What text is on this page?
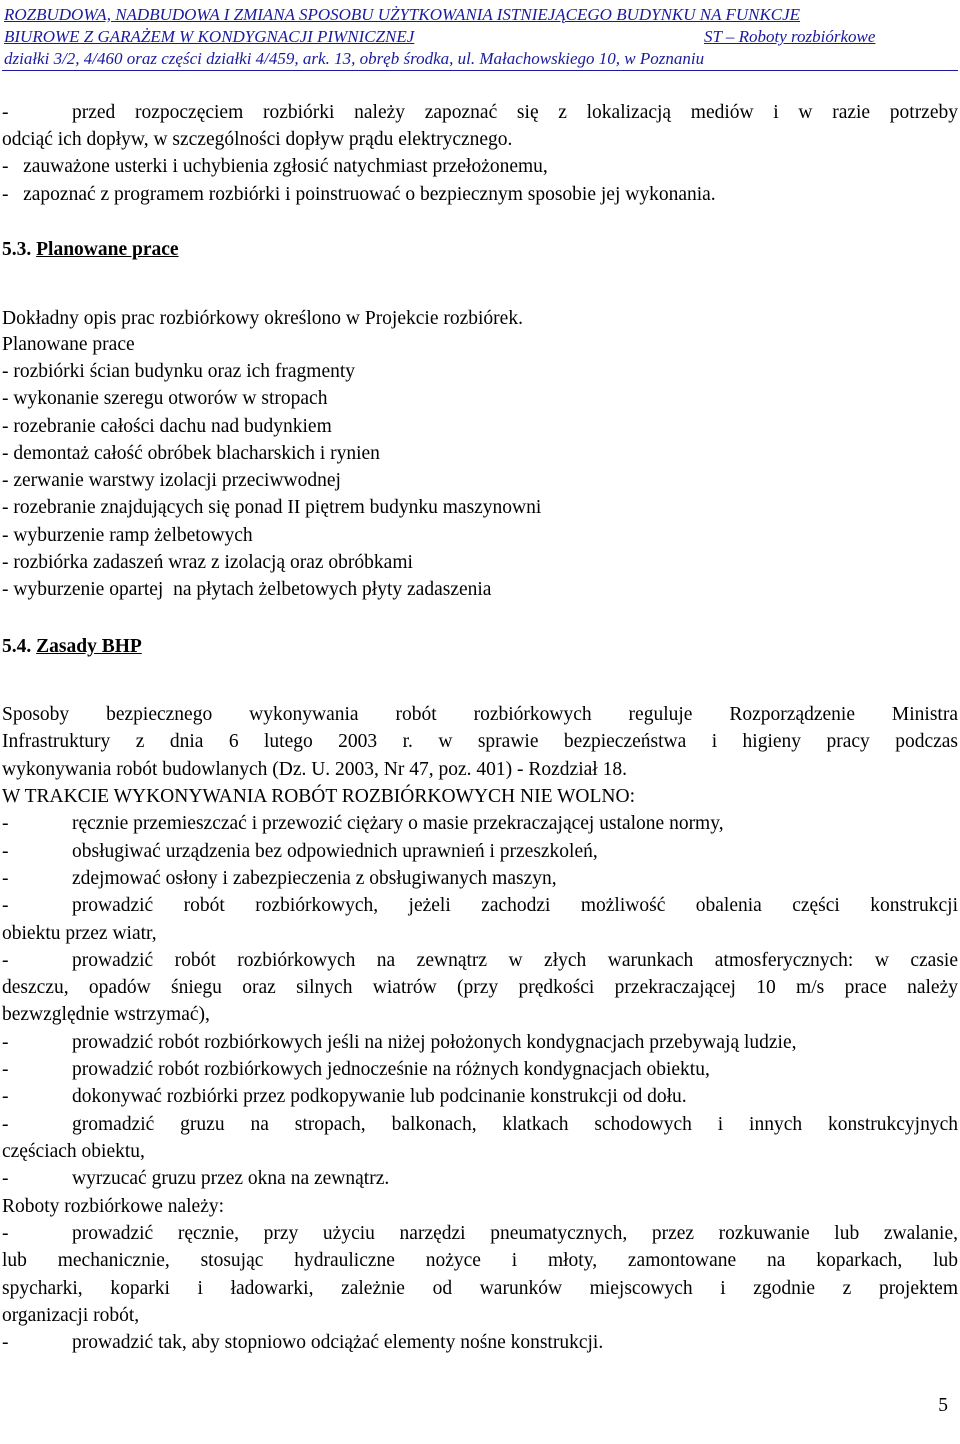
ROZBUDOWA, NADBUDOWA I ZMIANA SPOSOBU UŻYTKOWANIA ISTNIEJĄCEGO BUDYNKU NA FUNKCJE
BIUROWE Z GARAŻEM W KONDYGNACJI PIWNICZNEJ	ST – Roboty rozbiórkowe
działki 3/2, 4/460 oraz części działki 4/459, ark. 13, obręb środka, ul. Małachowskiego 10, w Poznaniu
-	przed rozpoczęciem rozbiórki należy zapoznać się z lokalizacją mediów i w razie potrzeby
odciąć ich dopływ, w szczególności dopływ prądu elektrycznego.
-   zauważone usterki i uchybienia zgłosić natychmiast przełożonemu,
-   zapoznać z programem rozbiórki i poinstruować o bezpiecznym sposobie jej wykonania.
5.3. Planowane prace
Dokładny opis prac rozbiórkowy określono w Projekcie rozbiórek.
Planowane prace
- rozbiórki ścian budynku oraz ich fragmenty
- wykonanie szeregu otworów w stropach
- rozebranie całości dachu nad budynkiem
- demontaż całość obróbek blacharskich i rynien
- zerwanie warstwy izolacji przeciwwodnej
- rozebranie znajdujących się ponad II piętrem budynku maszynowni
- wyburzenie ramp żelbetowych
- rozbiórka zadaszeń wraz z izolacją oraz obróbkami
- wyburzenie opartej  na płytach żelbetowych płyty zadaszenia
5.4. Zasady BHP
Sposoby bezpiecznego wykonywania robót rozbiórkowych reguluje Rozporządzenie Ministra
Infrastruktury z dnia 6 lutego 2003 r. w sprawie bezpieczeństwa i higieny pracy podczas
wykonywania robót budowlanych (Dz. U. 2003, Nr 47, poz. 401) - Rozdział 18.
W TRAKCIE WYKONYWANIA ROBÓT ROZBIÓRKOWYCH NIE WOLNO:
-	ręcznie przemieszczać i przewozić ciężary o masie przekraczającej ustalone normy,
-	obsługiwać urządzenia bez odpowiednich uprawnień i przeszkoleń,
-	zdejmować osłony i zabezpieczenia z obsługiwanych maszyn,
-	prowadzić robót rozbiórkowych, jeżeli zachodzi możliwość obalenia części konstrukcji
obiektu przez wiatr,
-	prowadzić robót rozbiórkowych na zewnątrz w złych warunkach atmosferycznych: w czasie
deszczu, opadów śniegu oraz silnych wiatrów (przy prędkości przekraczającej 10 m/s prace należy
bezwzględnie wstrzymać),
-	prowadzić robót rozbiórkowych jeśli na niżej położonych kondygnacjach przebywają ludzie,
-	prowadzić robót rozbiórkowych jednocześnie na różnych kondygnacjach obiektu,
-	dokonywać rozbiórki przez podkopywanie lub podcinanie konstrukcji od dołu.
-	gromadzić gruzu na stropach, balkonach, klatkach schodowych i innych konstrukcyjnych
częściach obiektu,
-	wyrzucać gruzu przez okna na zewnątrz.
Roboty rozbiórkowe należy:
-	prowadzić ręcznie, przy użyciu narzędzi pneumatycznych, przez rozkuwanie lub zwalanie,
lub mechanicznie, stosując hydrauliczne nożyce i młoty, zamontowane na koparkach, lub
spycharki, koparki i ładowarki, zależnie od warunków miejscowych i zgodnie z projektem
organizacji robót,
-	prowadzić tak, aby stopniowo odciążać elementy nośne konstrukcji.
5
